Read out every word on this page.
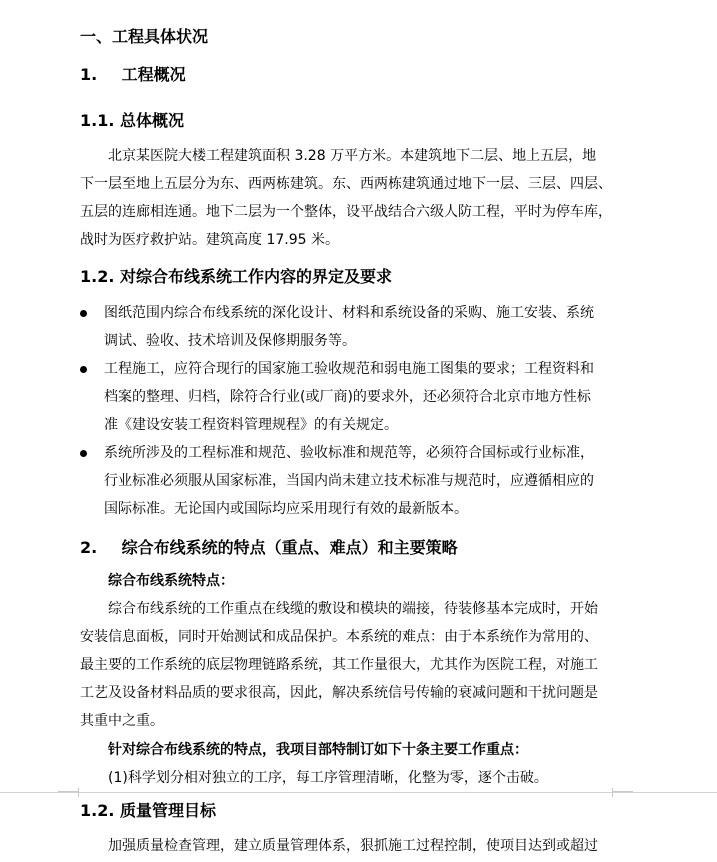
一、工程具体状况
1. 工程概况
1.1. 总体概况
北京某医院大楼工程建筑面积 3.28 万平方米。本建筑地下二层、地上五层，地
下一层至地上五层分为东、西两栋建筑。东、西两栋建筑通过地下一层、三层、四层、
五层的连廊相连通。地下二层为一个整体，设平战结合六级人防工程，平时为停车库，
战时为医疗救护站。建筑高度 17.95 米。
1.2. 对综合布线系统工作内容的界定及要求
图纸范围内综合布线系统的深化设计、材料和系统设备的采购、施工安装、系统
调试、验收、技术培训及保修期服务等。
工程施工，应符合现行的国家施工验收规范和弱电施工图集的要求；工程资料和
档案的整理、归档，除符合行业(或厂商)的要求外，还必须符合北京市地方性标
准《建设安装工程资料管理规程》的有关规定。
系统所涉及的工程标准和规范、验收标准和规范等，必须符合国标或行业标准，
行业标准必须服从国家标准，当国内尚未建立技术标准与规范时，应遵循相应的
国际标准。无论国内或国际均应采用现行有效的最新版本。
2. 综合布线系统的特点（重点、难点）和主要策略
综合布线系统特点：
综合布线系统的工作重点在线缆的敷设和模块的端接，待装修基本完成时，开始
安装信息面板，同时开始测试和成品保护。本系统的难点：由于本系统作为常用的、
最主要的工作系统的底层物理链路系统，其工作量很大，尤其作为医院工程，对施工
工艺及设备材料品质的要求很高，因此，解决系统信号传输的衰减问题和干扰问题是
其重中之重。
针对综合布线系统的特点，我项目部特制订如下十条主要工作重点：
(1)科学划分相对独立的工序，每工序管理清晰，化整为零，逐个击破。
1.2. 质量管理目标
加强质量检查管理，建立质量管理体系，狠抓施工过程控制，使项目达到或超过
